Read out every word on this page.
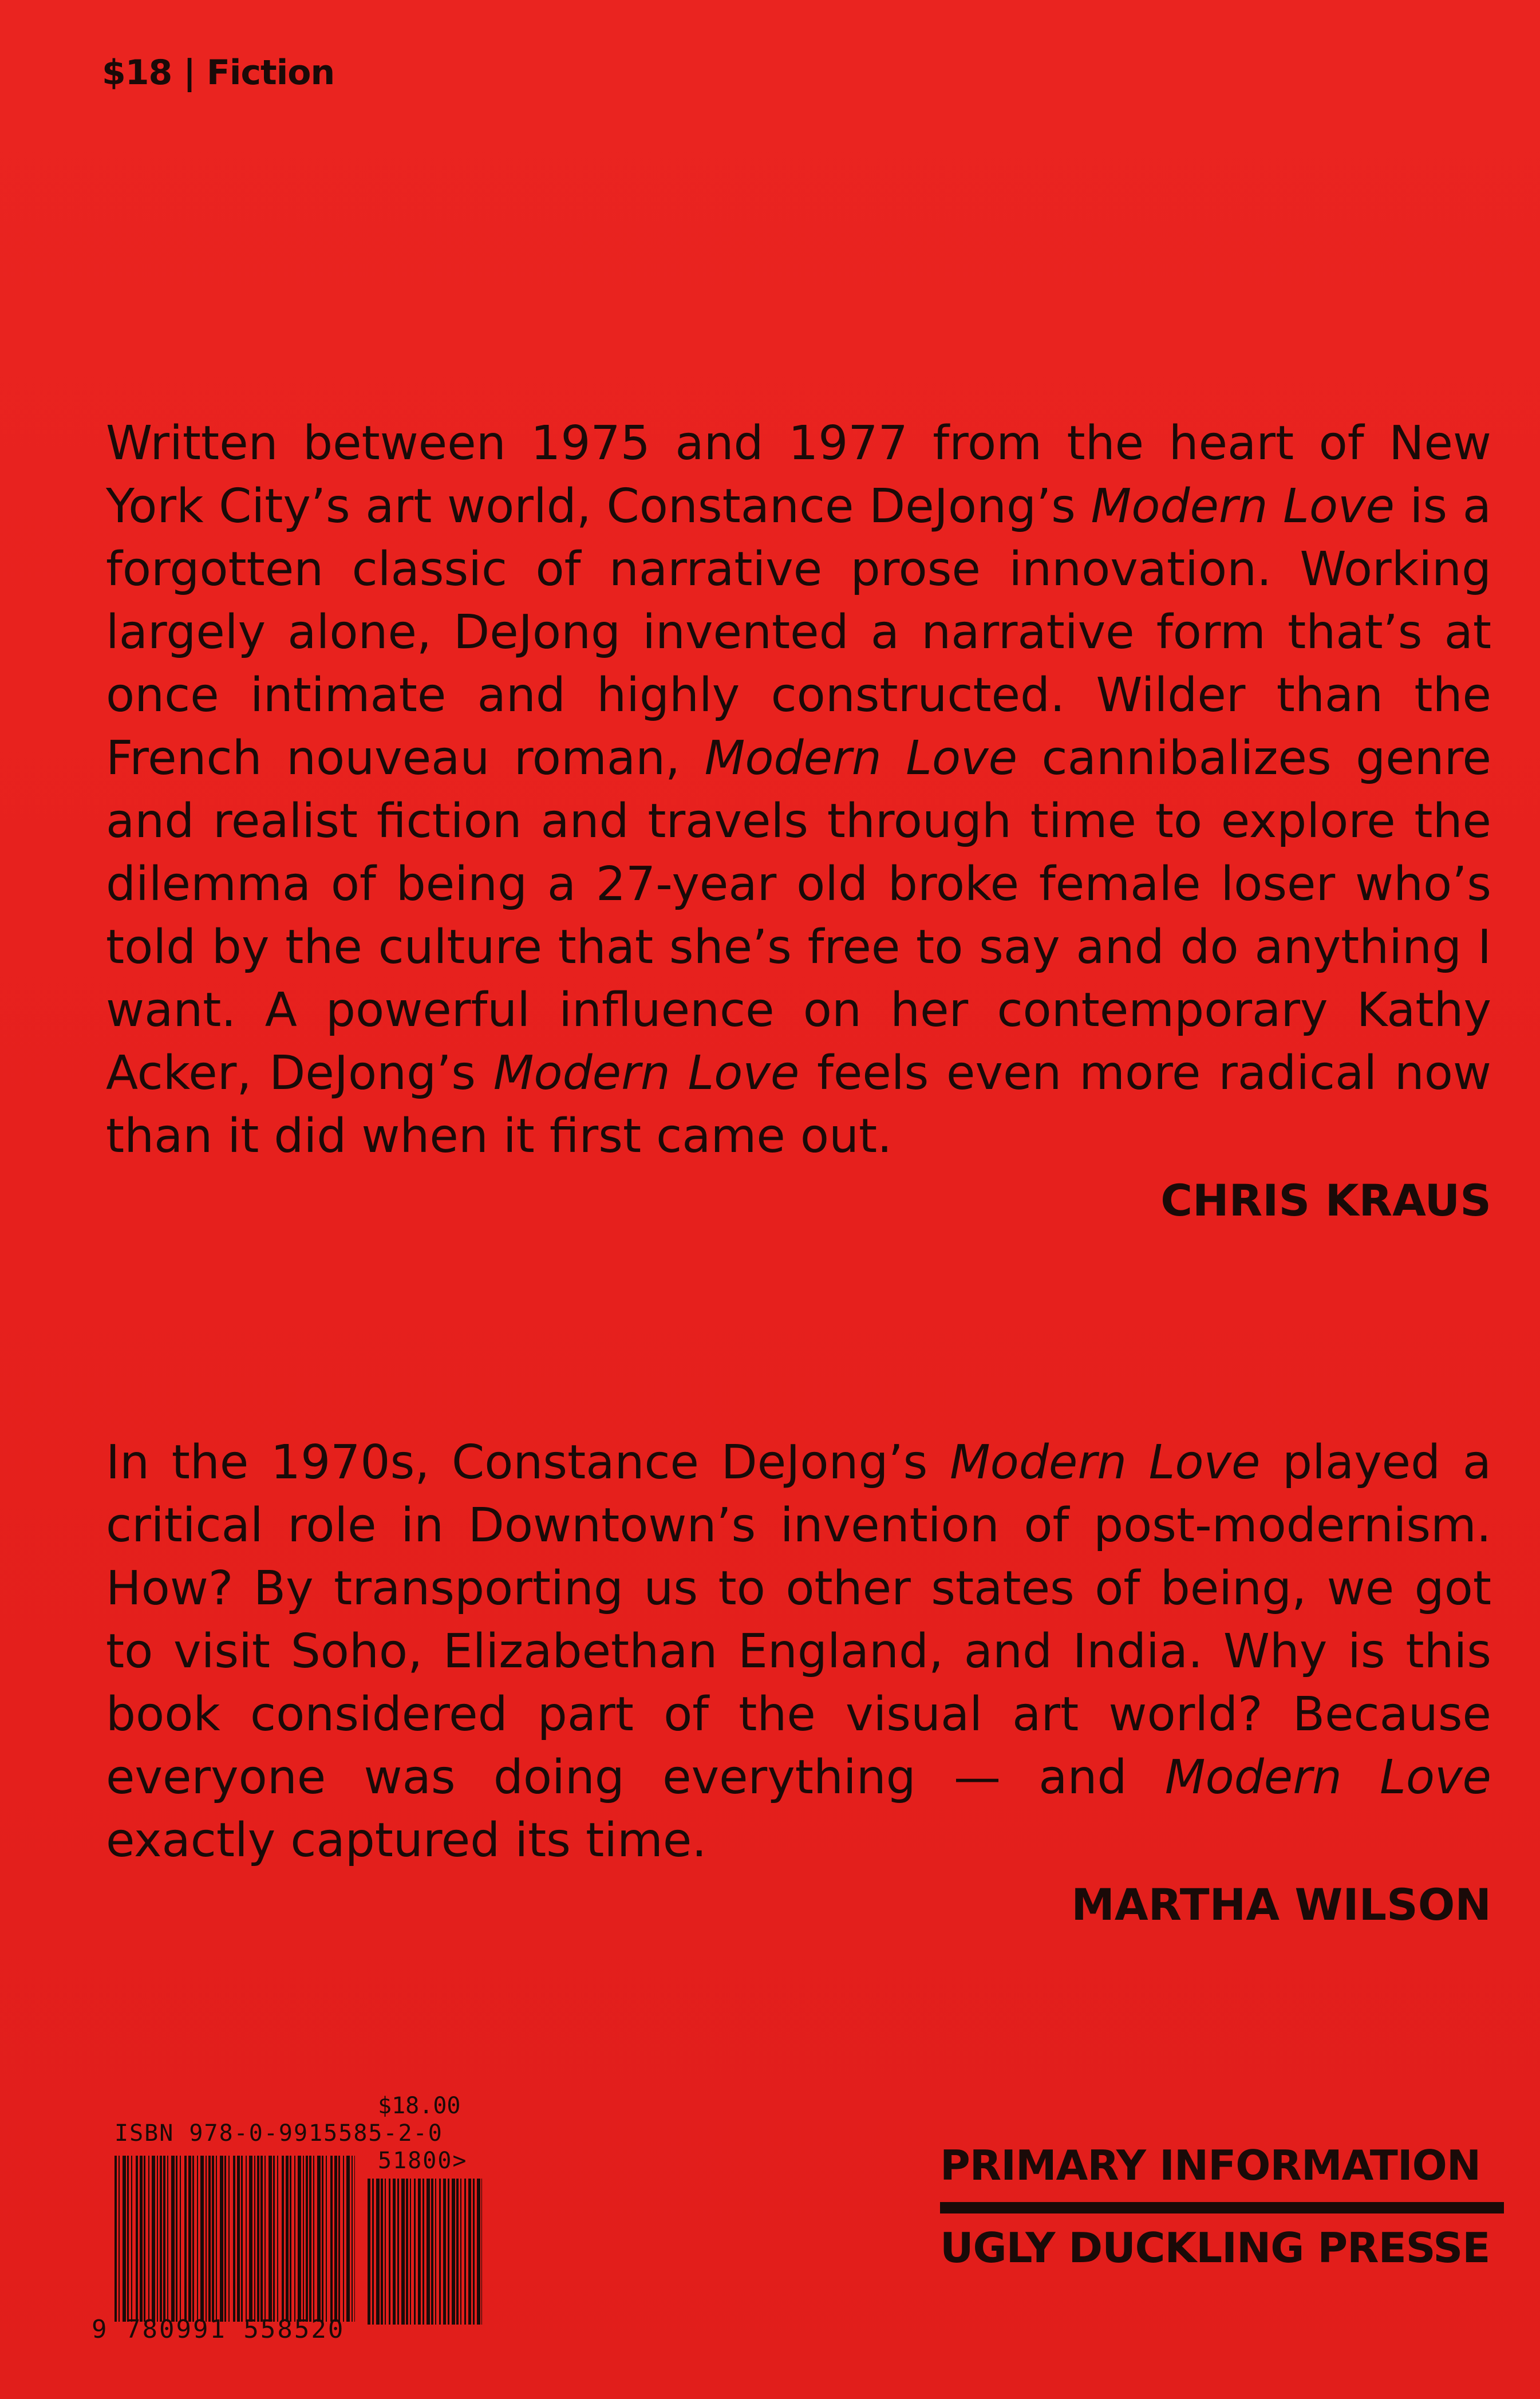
$18 | Fiction
Written between 1975 and 1977 from the heart of New York City’s art world, Constance DeJong’s Modern Love is a forgotten classic of narrative prose innovation. Working largely alone, DeJong invented a narrative form that’s at once intimate and highly constructed. Wilder than the French nouveau roman, Modern Love cannibalizes genre and realist fiction and travels through time to explore the dilemma of being a 27-year old broke female loser who’s told by the culture that she’s free to say and do anything I want. A powerful influence on her contemporary Kathy Acker, DeJong’s Modern Love feels even more radical now than it did when it first came out.
CHRIS KRAUS
In the 1970s, Constance DeJong’s Modern Love played a critical role in Downtown’s invention of post-modernism. How? By transporting us to other states of being, we got to visit Soho, Elizabethan England, and India. Why is this book considered part of the visual art world? Because everyone was doing everything — and Modern Love exactly captured its time.
MARTHA WILSON
$18.00
ISBN 978-0-9915585-2-0
51800>
9 780991 558520
PRIMARY INFORMATION
UGLY DUCKLING PRESSE
